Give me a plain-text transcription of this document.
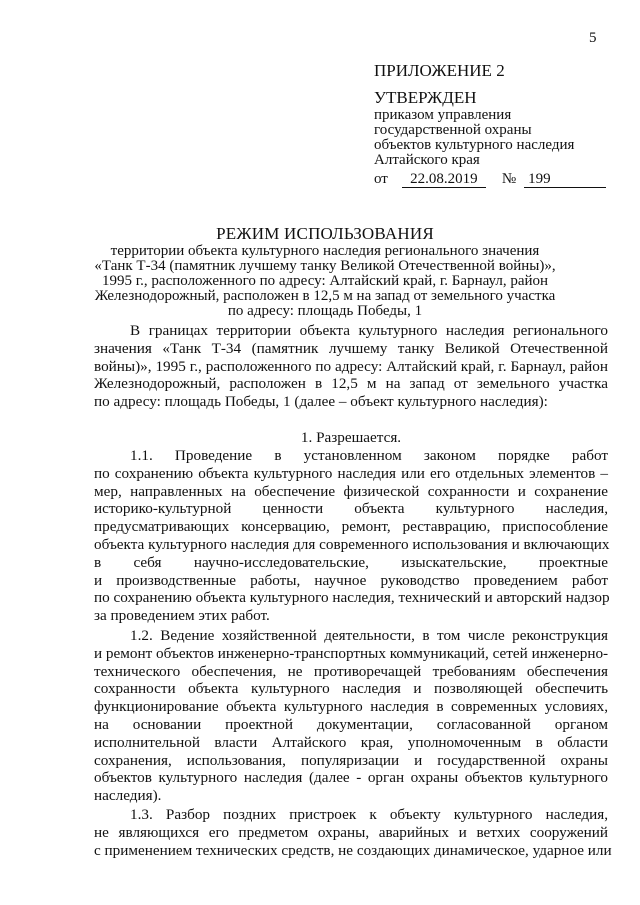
5
ПРИЛОЖЕНИЕ 2
УТВЕРЖДЕН
приказом управления
государственной охраны
объектов культурного наследия
Алтайского края
от	22.08.2019	№ 199
РЕЖИМ ИСПОЛЬЗОВАНИЯ
территории объекта культурного наследия регионального значения
«Танк Т-34 (памятник лучшему танку Великой Отечественной войны)»,
1995 г., расположенного по адресу: Алтайский край, г. Барнаул, район
Железнодорожный, расположен в 12,5 м на запад от земельного участка
по адресу: площадь Победы, 1
В границах территории объекта культурного наследия регионального
значения «Танк Т-34 (памятник лучшему танку Великой Отечественной
войны)», 1995 г., расположенного по адресу: Алтайский край, г. Барнаул, район
Железнодорожный, расположен в 12,5 м на запад от земельного участка
по адресу: площадь Победы, 1 (далее – объект культурного наследия):
1. Разрешается.
1.1. Проведение в установленном законом порядке работ
по сохранению объекта культурного наследия или его отдельных элементов –
мер, направленных на обеспечение физической сохранности и сохранение
историко-культурной ценности объекта культурного наследия,
предусматривающих консервацию, ремонт, реставрацию, приспособление
объекта культурного наследия для современного использования и включающих
в себя научно-исследовательские, изыскательские, проектные
и производственные работы, научное руководство проведением работ
по сохранению объекта культурного наследия, технический и авторский надзор
за проведением этих работ.
1.2. Ведение хозяйственной деятельности, в том числе реконструкция
и ремонт объектов инженерно-транспортных коммуникаций, сетей инженерно-
технического обеспечения, не противоречащей требованиям обеспечения
сохранности объекта культурного наследия и позволяющей обеспечить
функционирование объекта культурного наследия в современных условиях,
на основании проектной документации, согласованной органом
исполнительной власти Алтайского края, уполномоченным в области
сохранения, использования, популяризации и государственной охраны
объектов культурного наследия (далее - орган охраны объектов культурного
наследия).
1.3. Разбор поздних пристроек к объекту культурного наследия,
не являющихся его предметом охраны, аварийных и ветхих сооружений
с применением технических средств, не создающих динамическое, ударное или
